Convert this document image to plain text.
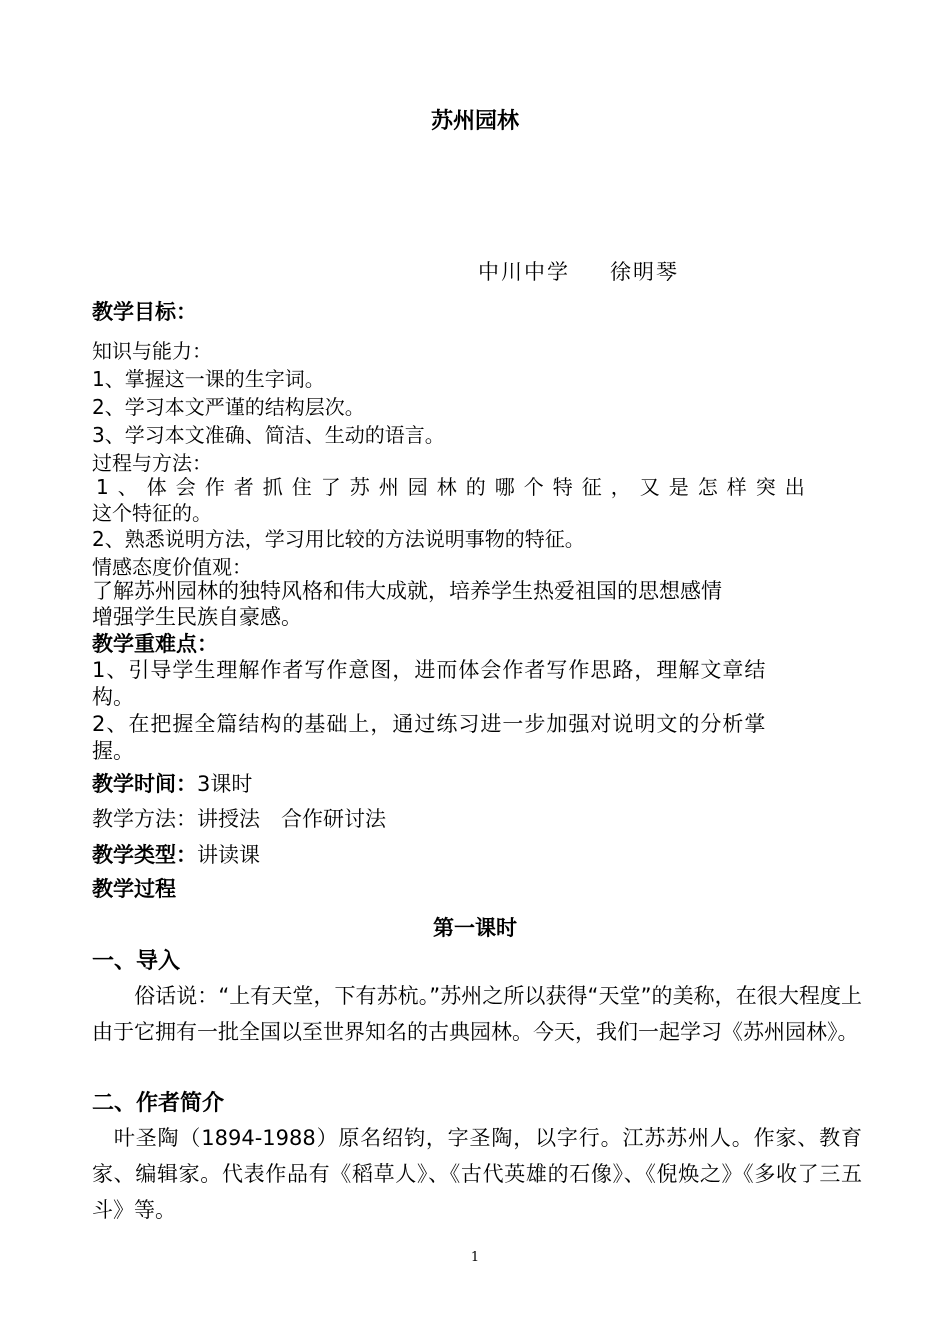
苏州园林
中川中学 徐明琴
教学目标：
知识与能力：
1、掌握这一课的生字词。
2、学习本文严谨的结构层次。
3、学习本文准确、简洁、生动的语言。
过程与方法：
1、体会作者抓住了苏州园林的哪个特征，又是怎样突出
这个特征的。
2、熟悉说明方法，学习用比较的方法说明事物的特征。
情感态度价值观：
了解苏州园林的独特风格和伟大成就，培养学生热爱祖国的思想感情
增强学生民族自豪感。
教学重难点：
1、引导学生理解作者写作意图，进而体会作者写作思路，理解文章结
构。
2、在把握全篇结构的基础上，通过练习进一步加强对说明文的分析掌
握。
教学时间：3课时
教学方法：讲授法　合作研讨法
教学类型：讲读课
教学过程
第一课时
一、导入
　　俗话说：“上有天堂，下有苏杭。”苏州之所以获得“天堂”的美称，在很大程度上由于它拥有一批全国以至世界知名的古典园林。今天，我们一起学习《苏州园林》。
二、作者简介
　叶圣陶（1894-1988）原名绍钧，字圣陶，以字行。江苏苏州人。作家、教育家、编辑家。代表作品有《稻草人》、《古代英雄的石像》、《倪焕之》《多收了三五斗》等。
1
